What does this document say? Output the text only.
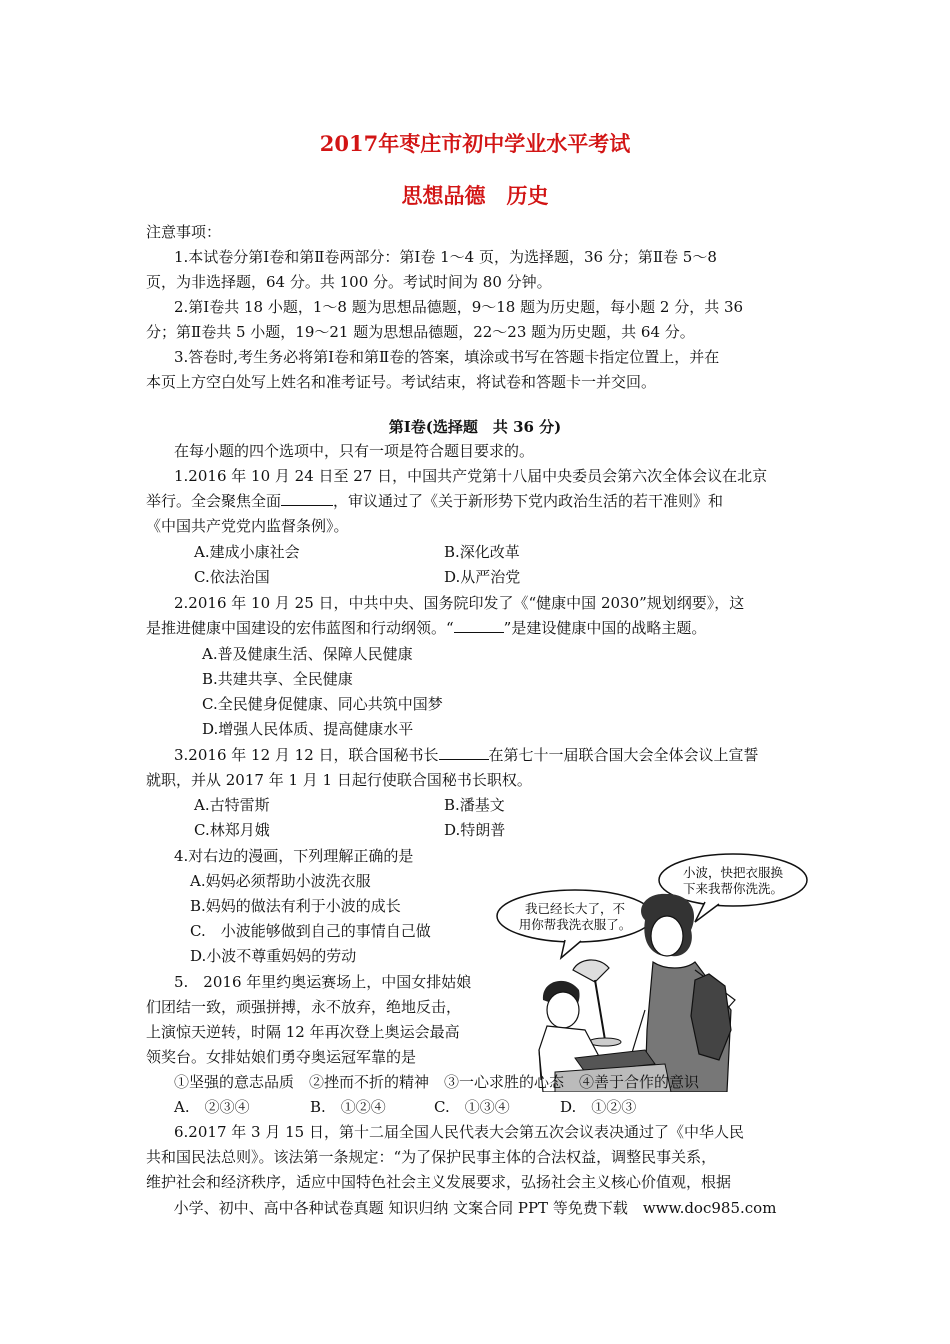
2017年枣庄市初中学业水平考试
思想品德　历史
注意事项：
1.本试卷分第Ⅰ卷和第Ⅱ卷两部分：第Ⅰ卷 1～4 页，为选择题，36 分；第Ⅱ卷 5～8
页，为非选择题，64 分。共 100 分。考试时间为 80 分钟。
2.第Ⅰ卷共 18 小题，1～8 题为思想品德题，9～18 题为历史题，每小题 2 分，共 36
分；第Ⅱ卷共 5 小题，19～21 题为思想品德题，22～23 题为历史题，共 64 分。
3.答卷时,考生务必将第Ⅰ卷和第Ⅱ卷的答案，填涂或书写在答题卡指定位置上，并在
本页上方空白处写上姓名和准考证号。考试结束，将试卷和答题卡一并交回。
第Ⅰ卷(选择题　共 36 分)
在每小题的四个选项中，只有一项是符合题目要求的。
1.2016 年 10 月 24 日至 27 日，中国共产党第十八届中央委员会第六次全体会议在北京
举行。全会聚焦全面	，审议通过了《关于新形势下党内政治生活的若干准则》和
《中国共产党党内监督条例》。
A.建成小康社会	B.深化改革
C.依法治国	D.从严治党
2.2016 年 10 月 25 日，中共中央、国务院印发了《“健康中国 2030”规划纲要》，这
是推进健康中国建设的宏伟蓝图和行动纲领。“	”是建设健康中国的战略主题。
A.普及健康生活、保障人民健康
B.共建共享、全民健康
C.全民健身促健康、同心共筑中国梦
D.增强人民体质、提高健康水平
3.2016 年 12 月 12 日，联合国秘书长	在第七十一届联合国大会全体会议上宣誓
就职，并从 2017 年 1 月 1 日起行使联合国秘书长职权。
A.古特雷斯	B.潘基文
C.林郑月娥	D.特朗普
4.对右边的漫画，下列理解正确的是
A.妈妈必须帮助小波洗衣服
B.妈妈的做法有利于小波的成长
C.　小波能够做到自己的事情自己做
D.小波不尊重妈妈的劳动
小波，快把衣服换
下来我帮你洗洗。
我已经长大了，不
用你帮我洗衣服了。
5.　2016 年里约奥运赛场上，中国女排姑娘
们团结一致，顽强拼搏，永不放弃，绝地反击，
上演惊天逆转，时隔 12 年再次登上奥运会最高
领奖台。女排姑娘们勇夺奥运冠军靠的是
①坚强的意志品质　②挫而不折的精神　③一心求胜的心态　④善于合作的意识
A.　②③④	B.　①②④	C.　①③④	D.　①②③
6.2017 年 3 月 15 日，第十二届全国人民代表大会第五次会议表决通过了《中华人民
共和国民法总则》。该法第一条规定：“为了保护民事主体的合法权益，调整民事关系，
维护社会和经济秩序，适应中国特色社会主义发展要求，弘扬社会主义核心价值观，根据
小学、初中、高中各种试卷真题 知识归纳 文案合同 PPT 等免费下载　www.doc985.com
